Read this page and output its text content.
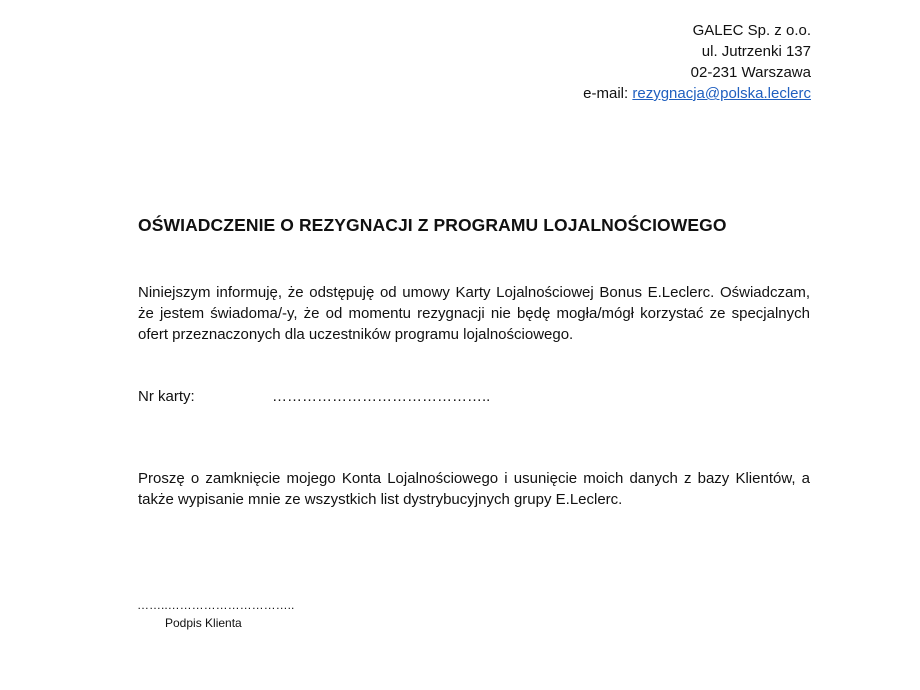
GALEC Sp. z o.o.
ul. Jutrzenki 137
02-231 Warszawa
e-mail: rezygnacja@polska.leclerc
OŚWIADCZENIE O REZYGNACJI Z PROGRAMU LOJALNOŚCIOWEGO
Niniejszym informuję, że odstępuję od umowy Karty Lojalnościowej Bonus E.Leclerc. Oświadczam, że jestem świadoma/-y, że od momentu rezygnacji nie będę mogła/mógł korzystać ze specjalnych ofert przeznaczonych dla uczestników programu lojalnościowego.
Nr karty:	……………………………………..
Proszę o zamknięcie mojego Konta Lojalnościowego i usunięcie moich danych z bazy Klientów, a także wypisanie mnie ze wszystkich list dystrybucyjnych grupy E.Leclerc.
……..…………………………..
Podpis Klienta
